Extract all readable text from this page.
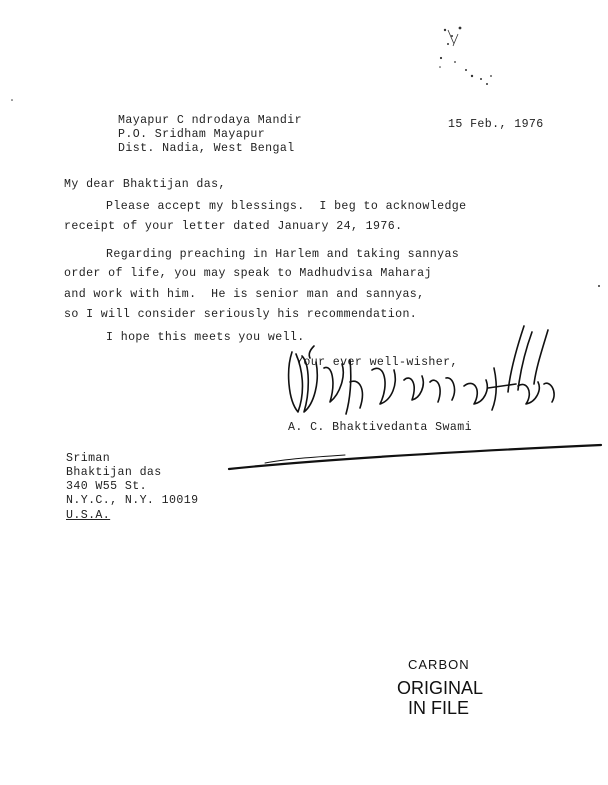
Mayapur C ndrodaya Mandir

P.O. Sridham Mayapur

Dist. Nadia, West Bengal

15 Feb., 1976
My dear Bhaktijan das,

Please accept my blessings.  I beg to acknowledge

receipt of your letter dated January 24, 1976.

Regarding preaching in Harlem and taking sannyas

order of life, you may speak to Madhudvisa Maharaj

and work with him.  He is senior man and sannyas,

so I will consider seriously his recommendation.

I hope this meets you well.

Your ever well-wisher,
A. C. Bhaktivedanta Swami

Sriman

Bhaktijan das

340 W55 St.

N.Y.C., N.Y. 10019

U.S.A.

CARBON
ORIGINAL
IN FILE
